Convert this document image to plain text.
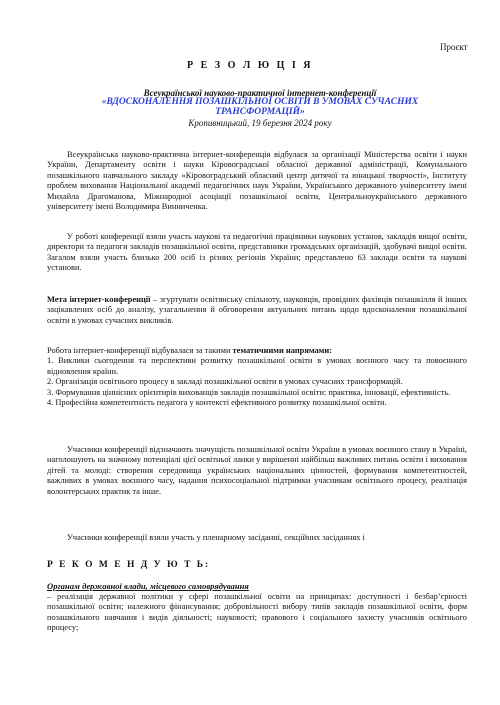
Проєкт
Р Е З О Л Ю Ц І Я
Всеукраїнської науково-практичної інтернет-конференції
«ВДОСКОНАЛЕННЯ ПОЗАШКІЛЬНОЇ ОСВІТИ В УМОВАХ СУЧАСНИХ ТРАНСФОРМАЦІЙ»
Кропивницький, 19 березня 2024 року

Всеукраїнська науково-практична інтернет-конференція відбулася за організації Міністерства освіти і науки України, Департаменту освіти і науки Кіровоградської обласної державної адміністрації, Комунального позашкільного навчального закладу «Кіровоградський обласний центр дитячої та юнацької творчості», Інституту проблем виховання Національної академії педагогічних наук України, Українського державного університету імені Михайла Драгоманова, Міжнародної асоціації позашкільної освіти, Центральноукраїнського державного університету імені Володимира Винниченка.

У роботі конференції взяли участь наукові та педагогічні працівники наукових установ, закладів вищої освіти, директори та педагоги закладів позашкільної освіти, представники громадських організацій, здобувачі вищої освіти. Загалом взяли участь близько 200 осіб із різних регіонів України; представлено 63 заклади освіти та наукові установи.

Мета інтернет-конференції – згуртувати освітянську спільноту, науковців, провідних фахівців позашкілля й інших зацікавлених осіб до аналізу, узагальнення й обговорення актуальних питань щодо вдосконалення позашкільної освіти в умовах сучасних викликів.

Робота інтернет-конференції відбувалася за такими тематичними напрямами:

1. Виклики сьогодення та перспективи розвитку позашкільної освіти в умовах воєнного часу та повоєнного відновлення країни.

2. Організація освітнього процесу в закладі позашкільної освіти в умовах сучасних трансформацій.

3. Формування ціннісних орієнтирів вихованців закладів позашкільної освіти: практика, інновації, ефективність.

4. Професійна компетентність педагога у контексті ефективного розвитку позашкільної освіти.

Учасники конференції відзначають значущість позашкільної освіти України в умовах воєнного стану в Україні, наголошують на значному потенціалі цієї освітньої ланки у вирішенні найбільш важливих питань освіти і виховання дітей та молоді: створення середовища українських національних цінностей, формування компетентностей, важливих в умовах воєнного часу, надання психосоціальної підтримки учасникам освітнього процесу, реалізація волонтерських практик та інше.

Учасники конференції взяли участь у пленарному засіданні, секційних засіданнях і

Р Е К О М Е Н Д У Ю Т Ь:
Органам державної влади, місцевого самоврядування

– реалізація державної політики у сфері позашкільної освіти на принципах: доступності і безбар’єрності позашкільної освіти; належного фінансування; добровільності вибору типів закладів позашкільної освіти, форм позашкільного навчання і видів діяльності; науковості; правового і соціального захисту учасників освітнього процесу;
